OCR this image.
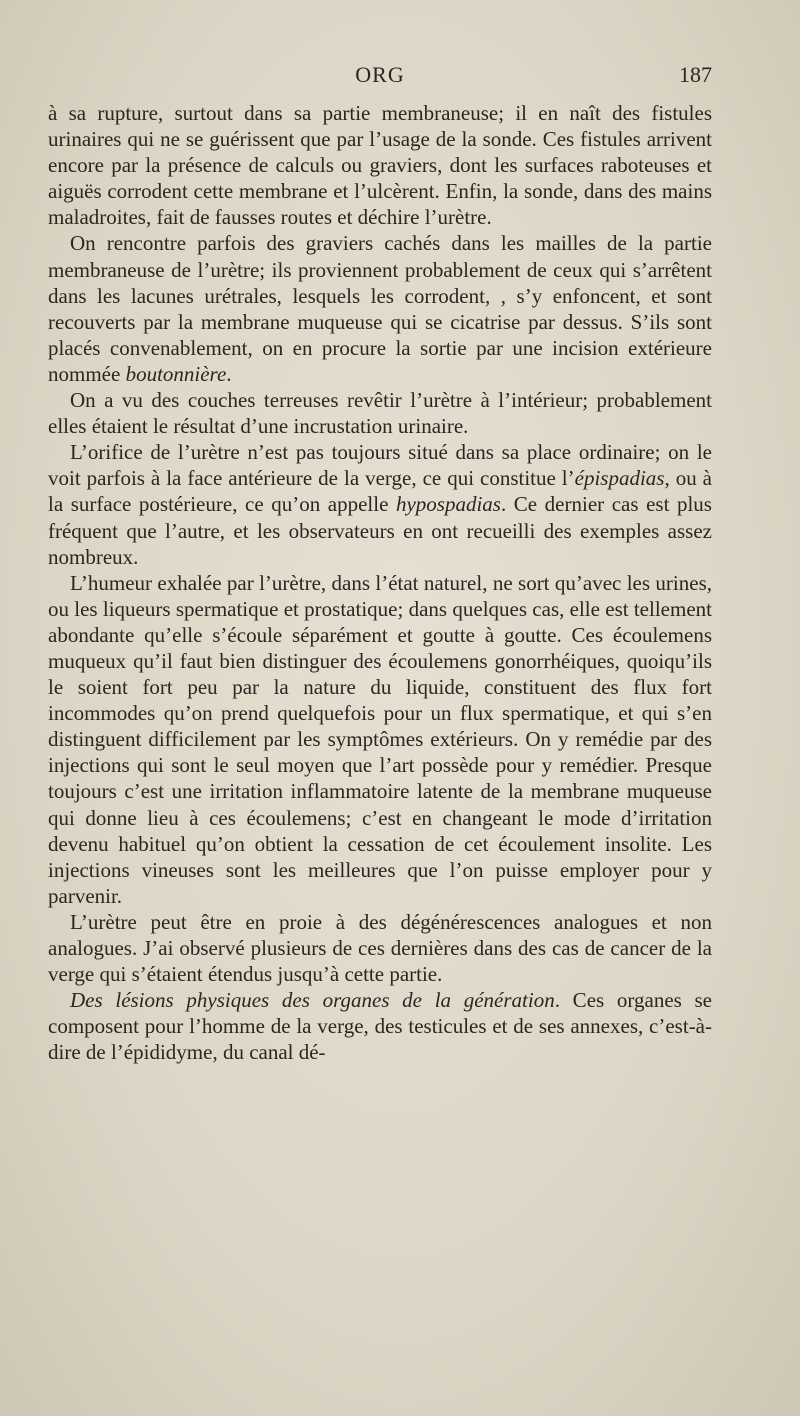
ORG	187

à sa rupture, surtout dans sa partie membraneuse; il en naît des fistules urinaires qui ne se guérissent que par l’usage de la sonde. Ces fistules arrivent encore par la présence de calculs ou graviers, dont les surfaces raboteuses et aiguës corrodent cette membrane et l’ulcèrent. Enfin, la sonde, dans des mains maladroites, fait de fausses routes et déchire l’urètre.

On rencontre parfois des graviers cachés dans les mailles de la partie membraneuse de l’urètre; ils proviennent probablement de ceux qui s’arrêtent dans les lacunes urétrales, lesquels les corrodent, , s’y enfoncent, et sont recouverts par la membrane muqueuse qui se cicatrise par dessus. S’ils sont placés convenablement, on en procure la sortie par une incision extérieure nommée boutonnière.

On a vu des couches terreuses revêtir l’urètre à l’intérieur; probablement elles étaient le résultat d’une incrustation urinaire.

L’orifice de l’urètre n’est pas toujours situé dans sa place ordinaire; on le voit parfois à la face antérieure de la verge, ce qui constitue l’épispadias, ou à la surface postérieure, ce qu’on appelle hypospadias. Ce dernier cas est plus fréquent que l’autre, et les observateurs en ont recueilli des exemples assez nombreux.

L’humeur exhalée par l’urètre, dans l’état naturel, ne sort qu’avec les urines, ou les liqueurs spermatique et prostatique; dans quelques cas, elle est tellement abondante qu’elle s’écoule séparément et goutte à goutte. Ces écoulemens muqueux qu’il faut bien distinguer des écoulemens gonorrhéiques, quoiqu’ils le soient fort peu par la nature du liquide, constituent des flux fort incommodes qu’on prend quelquefois pour un flux spermatique, et qui s’en distinguent difficilement par les symptômes extérieurs. On y remédie par des injections qui sont le seul moyen que l’art possède pour y remédier. Presque toujours c’est une irritation inflammatoire latente de la membrane muqueuse qui donne lieu à ces écoulemens; c’est en changeant le mode d’irritation devenu habituel qu’on obtient la cessation de cet écoulement insolite. Les injections vineuses sont les meilleures que l’on puisse employer pour y parvenir.

L’urètre peut être en proie à des dégénérescences analogues et non analogues. J’ai observé plusieurs de ces dernières dans des cas de cancer de la verge qui s’étaient étendus jusqu’à cette partie.

Des lésions physiques des organes de la génération. Ces organes se composent pour l’homme de la verge, des testicules et de ses annexes, c’est-à-dire de l’épididyme, du canal dé-
